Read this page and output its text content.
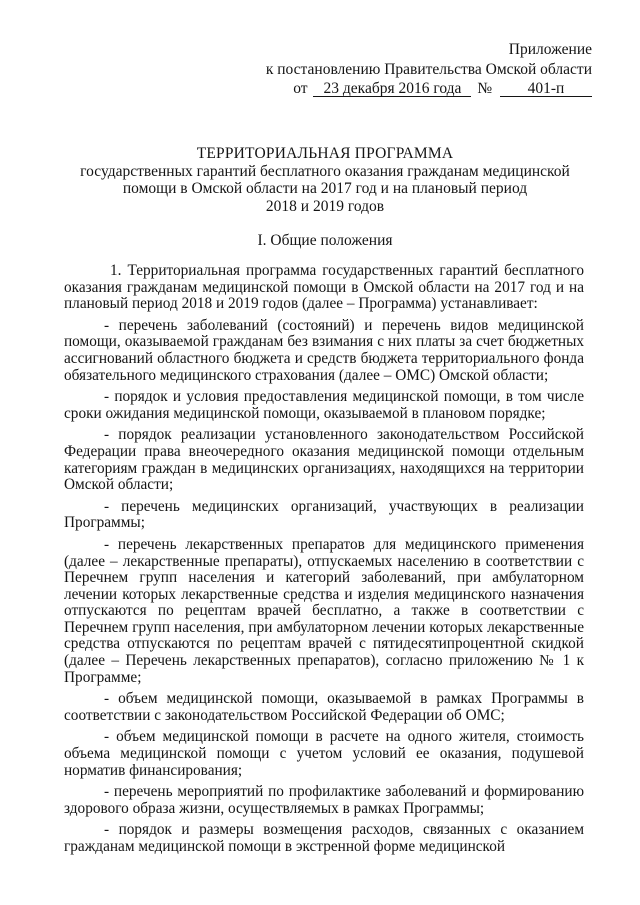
Приложение
к постановлению Правительства Омской области
от 23 декабря 2016 года № 401-п
ТЕРРИТОРИАЛЬНАЯ ПРОГРАММА
государственных гарантий бесплатного оказания гражданам медицинской
помощи в Омской области на 2017 год и на плановый период
2018 и 2019 годов
I. Общие положения

1. Территориальная программа государственных гарантий бесплатного оказания гражданам медицинской помощи в Омской области на 2017 год и на плановый период 2018 и 2019 годов (далее – Программа) устанавливает:

- перечень заболеваний (состояний) и перечень видов медицинской помощи, оказываемой гражданам без взимания с них платы за счет бюджетных ассигнований областного бюджета и средств бюджета территориального фонда обязательного медицинского страхования (далее – ОМС) Омской области;

- порядок и условия предоставления медицинской помощи, в том числе сроки ожидания медицинской помощи, оказываемой в плановом порядке;

- порядок реализации установленного законодательством Российской Федерации права внеочередного оказания медицинской помощи отдельным категориям граждан в медицинских организациях, находящихся на территории Омской области;

- перечень медицинских организаций, участвующих в реализации Программы;

- перечень лекарственных препаратов для медицинского применения (далее – лекарственные препараты), отпускаемых населению в соответствии с Перечнем групп населения и категорий заболеваний, при амбулаторном лечении которых лекарственные средства и изделия медицинского назначения отпускаются по рецептам врачей бесплатно, а также в соответствии с Перечнем групп населения, при амбулаторном лечении которых лекарственные средства отпускаются по рецептам врачей с пятидесятипроцентной скидкой (далее – Перечень лекарственных препаратов), согласно приложению № 1 к Программе;

- объем медицинской помощи, оказываемой в рамках Программы в соответствии с законодательством Российской Федерации об ОМС;

- объем медицинской помощи в расчете на одного жителя, стоимость объема медицинской помощи с учетом условий ее оказания, подушевой норматив финансирования;

- перечень мероприятий по профилактике заболеваний и формированию здорового образа жизни, осуществляемых в рамках Программы;

- порядок и размеры возмещения расходов, связанных с оказанием гражданам медицинской помощи в экстренной форме медицинской
